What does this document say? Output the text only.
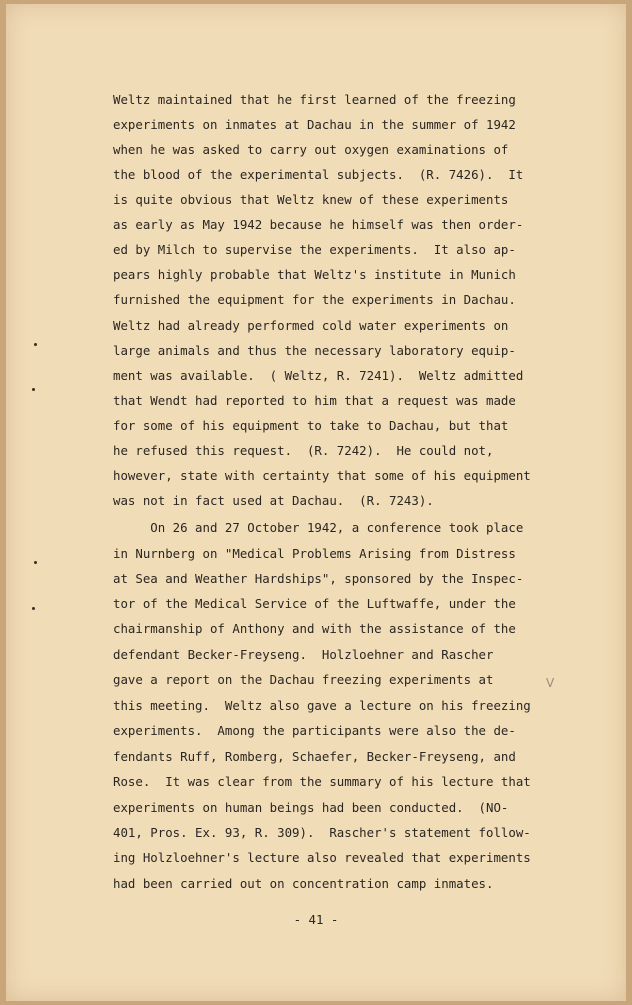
Weltz maintained that he first learned of the freezing

experiments on inmates at Dachau in the summer of 1942

when he was asked to carry out oxygen examinations of

the blood of the experimental subjects.  (R. 7426).  It

is quite obvious that Weltz knew of these experiments

as early as May 1942 because he himself was then order-

ed by Milch to supervise the experiments.  It also ap-

pears highly probable that Weltz's institute in Munich

furnished the equipment for the experiments in Dachau.

Weltz had already performed cold water experiments on

large animals and thus the necessary laboratory equip-

ment was available.  ( Weltz, R. 7241).  Weltz admitted

that Wendt had reported to him that a request was made

for some of his equipment to take to Dachau, but that

he refused this request.  (R. 7242).  He could not,

however, state with certainty that some of his equipment

was not in fact used at Dachau.  (R. 7243).

On 26 and 27 October 1942, a conference took place

in Nurnberg on "Medical Problems Arising from Distress

at Sea and Weather Hardships", sponsored by the Inspec-

tor of the Medical Service of the Luftwaffe, under the

chairmanship of Anthony and with the assistance of the

defendant Becker-Freyseng.  Holzloehner and Rascher

gave a report on the Dachau freezing experiments at

this meeting.  Weltz also gave a lecture on his freezing

experiments.  Among the participants were also the de-

fendants Ruff, Romberg, Schaefer, Becker-Freyseng, and

Rose.  It was clear from the summary of his lecture that

experiments on human beings had been conducted.  (NO-

401, Pros. Ex. 93, R. 309).  Rascher's statement follow-

ing Holzloehner's lecture also revealed that experiments

had been carried out on concentration camp inmates.

- 41 -
V
